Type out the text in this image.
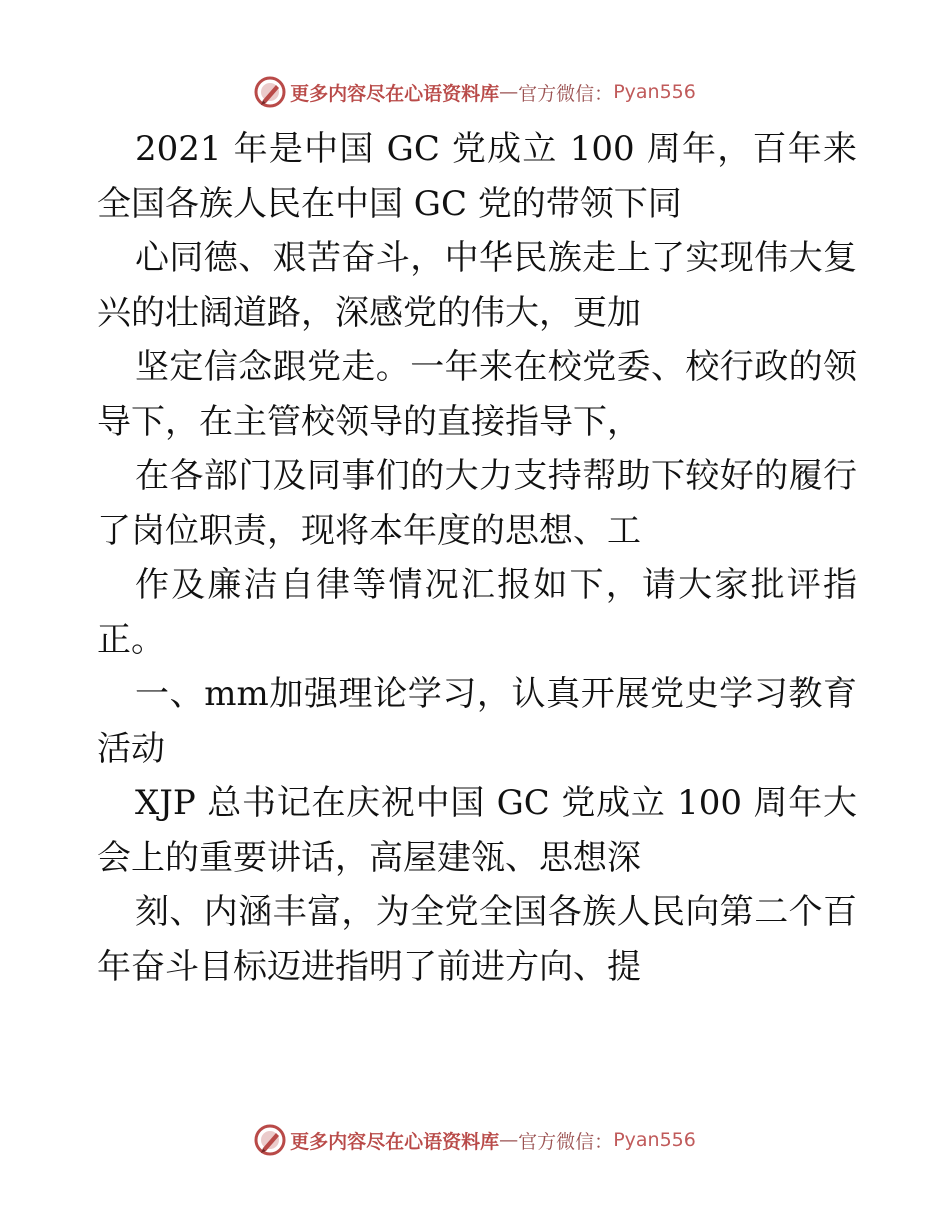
更多内容尽在心语资料库 — 官方微信： Pyan556

2021 年是中国 GC 党成立 100 周年，百年来全国各族人民在中国 GC 党的带领下同

心同德、艰苦奋斗，中华民族走上了实现伟大复兴的壮阔道路，深感党的伟大，更加

坚定信念跟党走。一年来在校党委、校行政的领导下，在主管校领导的直接指导下，

在各部门及同事们的大力支持帮助下较好的履行了岗位职责，现将本年度的思想、工

作及廉洁自律等情况汇报如下，请大家批评指正。

一、mm加强理论学习，认真开展党史学习教育活动

XJP 总书记在庆祝中国 GC 党成立 100 周年大会上的重要讲话，高屋建瓴、思想深

刻、内涵丰富，为全党全国各族人民向第二个百年奋斗目标迈进指明了前进方向、提

更多内容尽在心语资料库 — 官方微信： Pyan556
